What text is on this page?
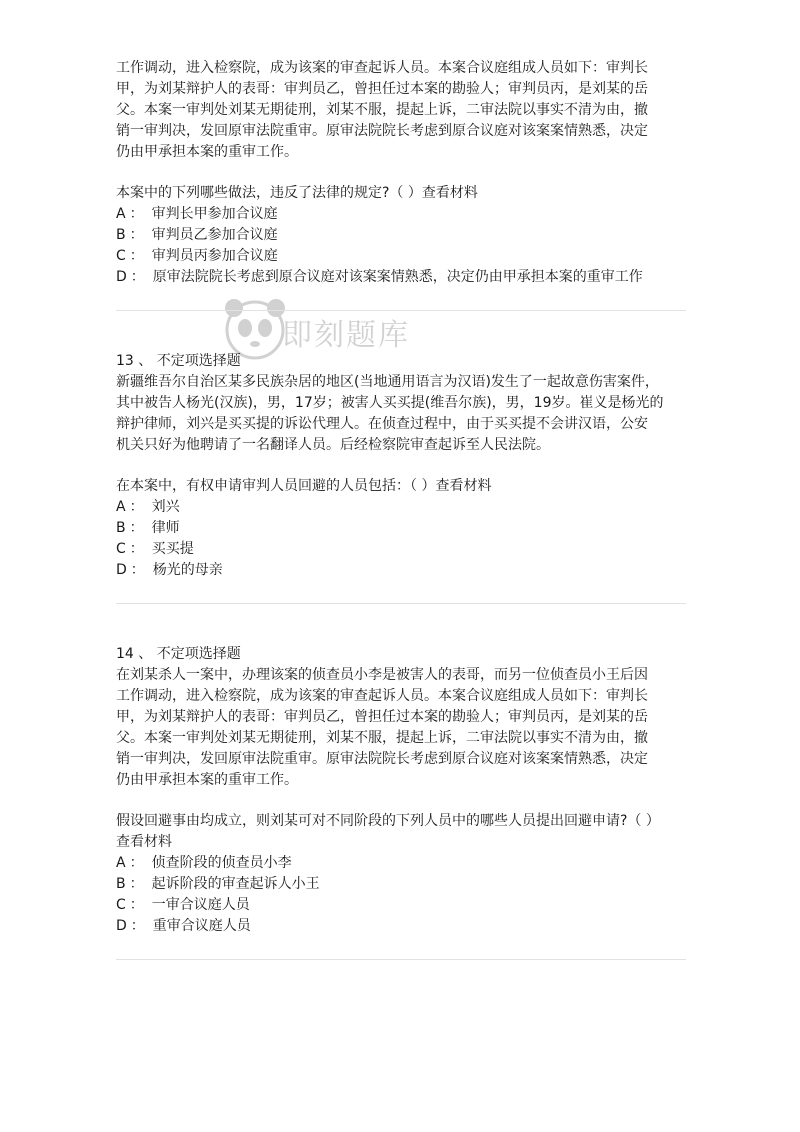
即刻题库

工作调动，进入检察院，成为该案的审查起诉人员。本案合议庭组成人员如下：审判长

甲，为刘某辩护人的表哥：审判员乙，曾担任过本案的勘验人；审判员丙，是刘某的岳

父。本案一审判处刘某无期徒刑，刘某不服，提起上诉，二审法院以事实不清为由，撤

销一审判决，发回原审法院重审。原审法院院长考虑到原合议庭对该案案情熟悉，决定

仍由甲承担本案的重审工作。

本案中的下列哪些做法，违反了法律的规定?（ ）查看材料

A ： 审判长甲参加合议庭

B ： 审判员乙参加合议庭

C ： 审判员丙参加合议庭

D ： 原审法院院长考虑到原合议庭对该案案情熟悉，决定仍由甲承担本案的重审工作

13 、 不定项选择题

新疆维吾尔自治区某多民族杂居的地区(当地通用语言为汉语)发生了一起故意伤害案件，

其中被告人杨光(汉族)，男，17岁；被害人买买提(维吾尔族)，男，19岁。崔义是杨光的

辩护律师，刘兴是买买提的诉讼代理人。在侦查过程中，由于买买提不会讲汉语，公安

机关只好为他聘请了一名翻译人员。后经检察院审查起诉至人民法院。

在本案中，有权申请审判人员回避的人员包括：（ ）查看材料

A ： 刘兴

B ： 律师

C ： 买买提

D ： 杨光的母亲

14 、 不定项选择题

在刘某杀人一案中，办理该案的侦查员小李是被害人的表哥，而另一位侦查员小王后因

工作调动，进入检察院，成为该案的审查起诉人员。本案合议庭组成人员如下：审判长

甲，为刘某辩护人的表哥：审判员乙，曾担任过本案的勘验人；审判员丙，是刘某的岳

父。本案一审判处刘某无期徒刑，刘某不服，提起上诉，二审法院以事实不清为由，撤

销一审判决，发回原审法院重审。原审法院院长考虑到原合议庭对该案案情熟悉，决定

仍由甲承担本案的重审工作。

假设回避事由均成立，则刘某可对不同阶段的下列人员中的哪些人员提出回避申请?（ ）

查看材料

A ： 侦查阶段的侦查员小李

B ： 起诉阶段的审查起诉人小王

C ： 一审合议庭人员

D ： 重审合议庭人员
